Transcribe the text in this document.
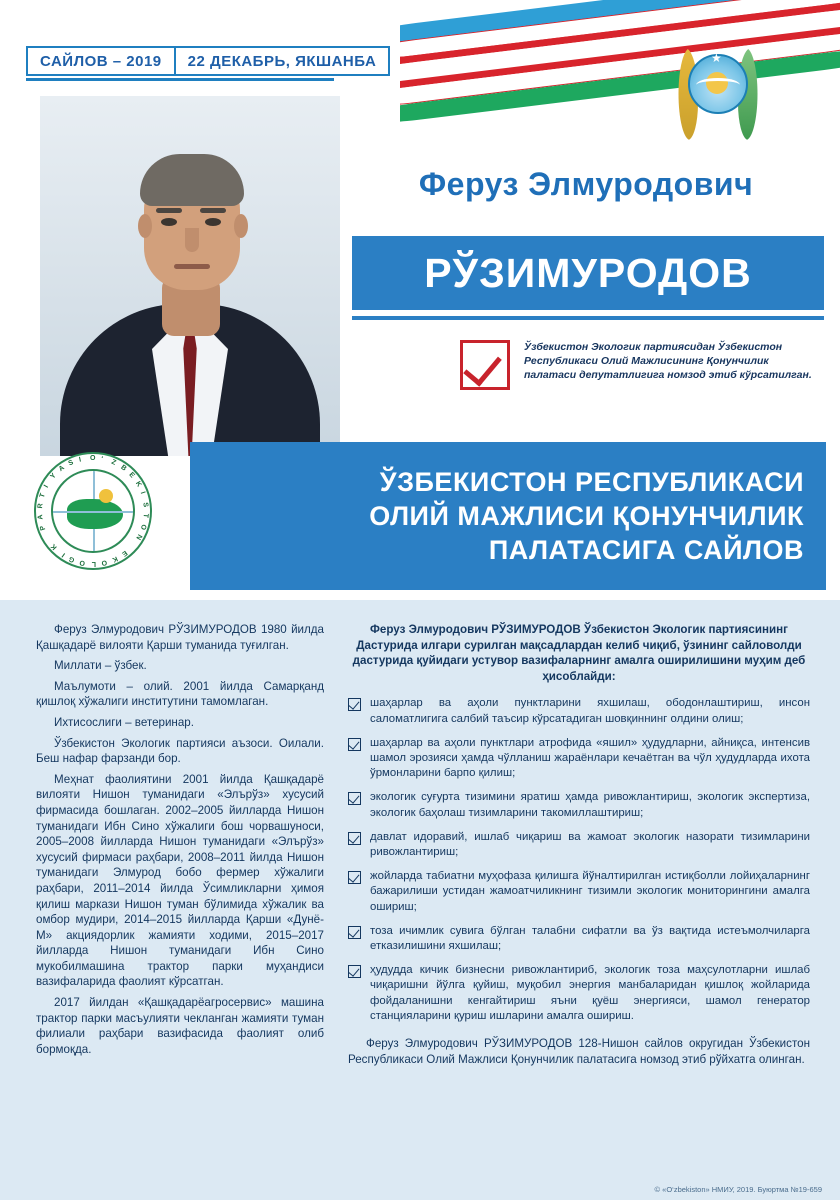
★
САЙЛОВ – 2019	22 ДЕКАБРЬ, ЯКШАНБА
Феруз Элмуродович
РЎЗИМУРОДОВ
Ўзбекистон Экологик партиясидан Ўзбекистон Республикаси Олий Мажлисининг Қонунчилик палатаси депутатлигига номзод этиб кўрсатилган.
ЎЗБЕКИСТОН РЕСПУБЛИКАСИ
ОЛИЙ МАЖЛИСИ ҚОНУНЧИЛИК
ПАЛАТАСИГА САЙЛОВ
O ‘ Z
B
E
K
I
S
T
O
N
E
K
O
L
O
G
I
K
P
A
R
T
I
Y
A
S I

Феруз Элмуродович РЎЗИМУРОДОВ 1980 йилда Қашқадарё вилояти Қарши туманида туғилган.

Миллати – ўзбек.

Маълумоти – олий. 2001 йилда Самарқанд қишлоқ хўжалиги институтини тамомлаган.

Ихтисослиги – ветеринар.

Ўзбекистон Экологик партияси аъзоси. Оилали. Беш нафар фарзанди бор.

Меҳнат фаолиятини 2001 йилда Қашқадарё вилояти Нишон туманидаги «Элърўз» хусусий фирмасида бошлаган. 2002–2005 йилларда Нишон туманидаги Ибн Сино хўжалиги бош чорвашуноси, 2005–2008 йилларда Нишон туманидаги «Элърўз» хусусий фирмаси раҳбари, 2008–2011 йилда Нишон туманидаги Элмурод бобо фермер хўжалиги раҳбари, 2011–2014 йилда Ўсимликларни ҳимоя қилиш маркази Нишон туман бўлимида хўжалик ва омбор мудири, 2014–2015 йилларда Қарши «Дунё-М» акциядорлик жамияти ходими, 2015–2017 йилларда Нишон туманидаги Ибн Сино мукобилмашина трактор парки муҳандиси вазифаларида фаолият кўрсатган.

2017 йилдан «Қашқадарёагросервис» машина трактор парки масъулияти чекланган жамияти туман филиали раҳбари вазифасида фаолият олиб бормоқда.

Феруз Элмуродович РЎЗИМУРОДОВ Ўзбекистон Экологик партиясининг Дастурида илгари сурилган мақсадлардан келиб чиқиб, ўзининг сайловолди дастурида қуйидаги устувор вазифаларнинг амалга оширилишини муҳим деб ҳисоблайди:
шаҳарлар ва аҳоли пунктларини яхшилаш, ободонлаштириш, инсон саломатлигига салбий таъсир кўрсатадиган шовқиннинг олдини олиш;
шаҳарлар ва аҳоли пунктлари атрофида «яшил» ҳудудларни, айниқса, интенсив шамол эрозияси ҳамда чўлланиш жараёнлари кечаётган ва чўл ҳудудларда ихота ўрмонларини барпо қилиш;
экологик суғурта тизимини яратиш ҳамда ривожлантириш, экологик экспертиза, экологик баҳолаш тизимларини такомиллаштириш;
давлат идоравий, ишлаб чиқариш ва жамоат экологик назорати тизимларини ривожлантириш;
жойларда табиатни муҳофаза қилишга йўналтирилган истиқболли лойиҳаларнинг бажарилиши устидан жамоатчиликнинг тизимли экологик мониторингини амалга ошириш;
тоза ичимлик сувига бўлган талабни сифатли ва ўз вақтида истеъмолчиларга етказилишини яхшилаш;
ҳудудда кичик бизнесни ривожлантириб, экологик тоза маҳсулотларни ишлаб чиқаришни йўлга қуйиш, муқобил энергия манбаларидан қишлоқ жойларида фойдаланишни кенгайтириш яъни қуёш энергияси, шамол генератор станцияларини қуриш ишларини амалга ошириш.
Феруз Элмуродович РЎЗИМУРОДОВ 128-Нишон сайлов округидан Ўзбекистон Республикаси Олий Мажлиси Қонунчилик палатасига номзод этиб рўйхатга олинган.
© «O‘zbekiston» НМИУ, 2019. Буюртма №19-659
